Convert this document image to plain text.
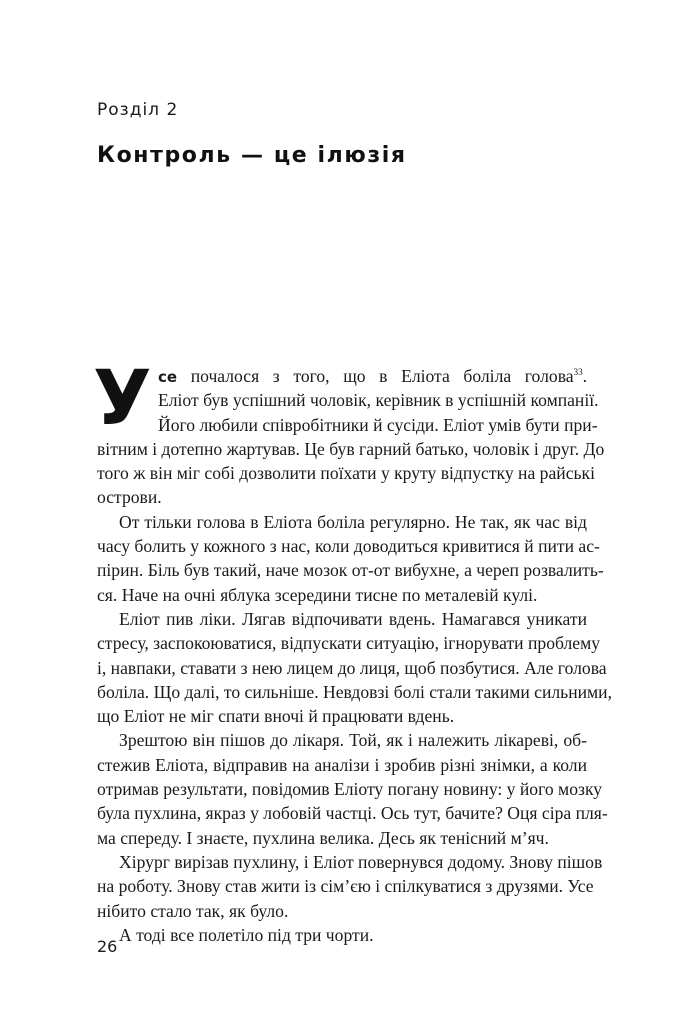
Розділ 2
Контроль — це ілюзія
У се почалося з того, що в Еліота боліла голова$^{33}$.
Еліот був успішний чоловік, керівник в успішній компанії.
Його любили співробітники й сусіди. Еліот умів бути при-
вітним і дотепно жартував. Це був гарний батько, чоловік і друг. До
того ж він міг собі дозволити поїхати у круту відпустку на райські
острови.
От тільки голова в Еліота боліла регулярно. Не так, як час від
часу болить у кожного з нас, коли доводиться кривитися й пити ас-
пірин. Біль був такий, наче мозок от-от вибухне, а череп розвалить-
ся. Наче на очні яблука зсередини тисне по металевій кулі.
Еліот пив ліки. Лягав відпочивати вдень. Намагався уникати
стресу, заспокоюватися, відпускати ситуацію, ігнорувати проблему
і, навпаки, ставати з нею лицем до лиця, щоб позбутися. Але голова
боліла. Що далі, то сильніше. Невдовзі болі стали такими сильними,
що Еліот не міг спати вночі й працювати вдень.
Зрештою він пішов до лікаря. Той, як і належить лікареві, об-
стежив Еліота, відправив на аналізи і зробив різні знімки, а коли
отримав результати, повідомив Еліоту погану новину: у його мозку
була пухлина, якраз у лобовій частці. Ось тут, бачите? Оця сіра пля-
ма спереду. І знаєте, пухлина велика. Десь як тенісний м’яч.
Хірург вирізав пухлину, і Еліот повернувся додому. Знову пішов
на роботу. Знову став жити із сім’єю і спілкуватися з друзями. Усе
нібито стало так, як було.
А тоді все полетіло під три чорти.
26
